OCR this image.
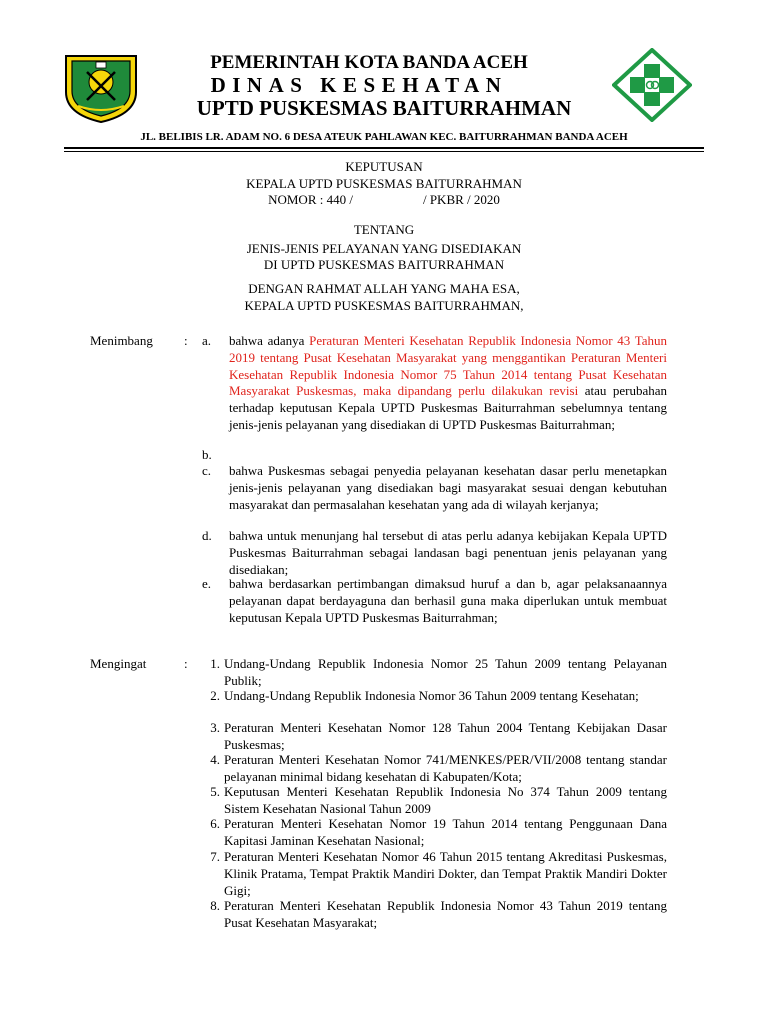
PEMERINTAH KOTA BANDA ACEH
DINAS KESEHATAN
UPTD PUSKESMAS BAITURRAHMAN
JL. BELIBIS LR. ADAM NO. 6 DESA ATEUK PAHLAWAN KEC. BAITURRAHMAN BANDA ACEH
KEPUTUSAN
KEPALA UPTD PUSKESMAS BAITURRAHMAN
NOMOR : 440 /	/ PKBR / 2020
TENTANG
JENIS-JENIS PELAYANAN YANG DISEDIAKAN
DI UPTD PUSKESMAS BAITURRAHMAN
DENGAN RAHMAT ALLAH YANG MAHA ESA,
KEPALA UPTD PUSKESMAS BAITURRAHMAN,
Menimbang : a. bahwa adanya Peraturan Menteri Kesehatan Republik Indonesia Nomor 43 Tahun 2019 tentang Pusat Kesehatan Masyarakat yang menggantikan Peraturan Menteri Kesehatan Republik Indonesia Nomor 75 Tahun 2014 tentang Pusat Kesehatan Masyarakat Puskesmas, maka dipandang perlu dilakukan revisi atau perubahan terhadap keputusan Kepala UPTD Puskesmas Baiturrahman sebelumnya tentang jenis-jenis pelayanan yang disediakan di UPTD Puskesmas Baiturrahman;
b.
c. bahwa Puskesmas sebagai penyedia pelayanan kesehatan dasar perlu menetapkan jenis-jenis pelayanan yang disediakan bagi masyarakat sesuai dengan kebutuhan masyarakat dan permasalahan kesehatan yang ada di wilayah kerjanya;
d. bahwa untuk menunjang hal tersebut di atas perlu adanya kebijakan Kepala UPTD Puskesmas Baiturrahman sebagai landasan bagi penentuan jenis pelayanan yang disediakan;
e. bahwa berdasarkan pertimbangan dimaksud huruf a dan b, agar pelaksanaannya pelayanan dapat berdayaguna dan berhasil guna maka diperlukan untuk membuat keputusan Kepala UPTD Puskesmas Baiturrahman;
Mengingat	:	1. Undang-Undang Republik Indonesia Nomor 25 Tahun 2009 tentang Pelayanan Publik;
2. Undang-Undang Republik Indonesia Nomor 36 Tahun 2009 tentang Kesehatan;
3. Peraturan Menteri Kesehatan Nomor 128 Tahun 2004 Tentang Kebijakan Dasar Puskesmas;
4. Peraturan Menteri Kesehatan Nomor 741/MENKES/PER/VII/2008 tentang standar pelayanan minimal bidang kesehatan di Kabupaten/Kota;
5. Keputusan Menteri Kesehatan Republik Indonesia No 374 Tahun 2009 tentang Sistem Kesehatan Nasional Tahun 2009
6. Peraturan Menteri Kesehatan Nomor 19 Tahun 2014 tentang Penggunaan Dana Kapitasi Jaminan Kesehatan Nasional;
7. Peraturan Menteri Kesehatan Nomor 46 Tahun 2015 tentang Akreditasi Puskesmas, Klinik Pratama, Tempat Praktik Mandiri Dokter, dan Tempat Praktik Mandiri Dokter Gigi;
8. Peraturan Menteri Kesehatan Republik Indonesia Nomor 43 Tahun 2019 tentang Pusat Kesehatan Masyarakat;
